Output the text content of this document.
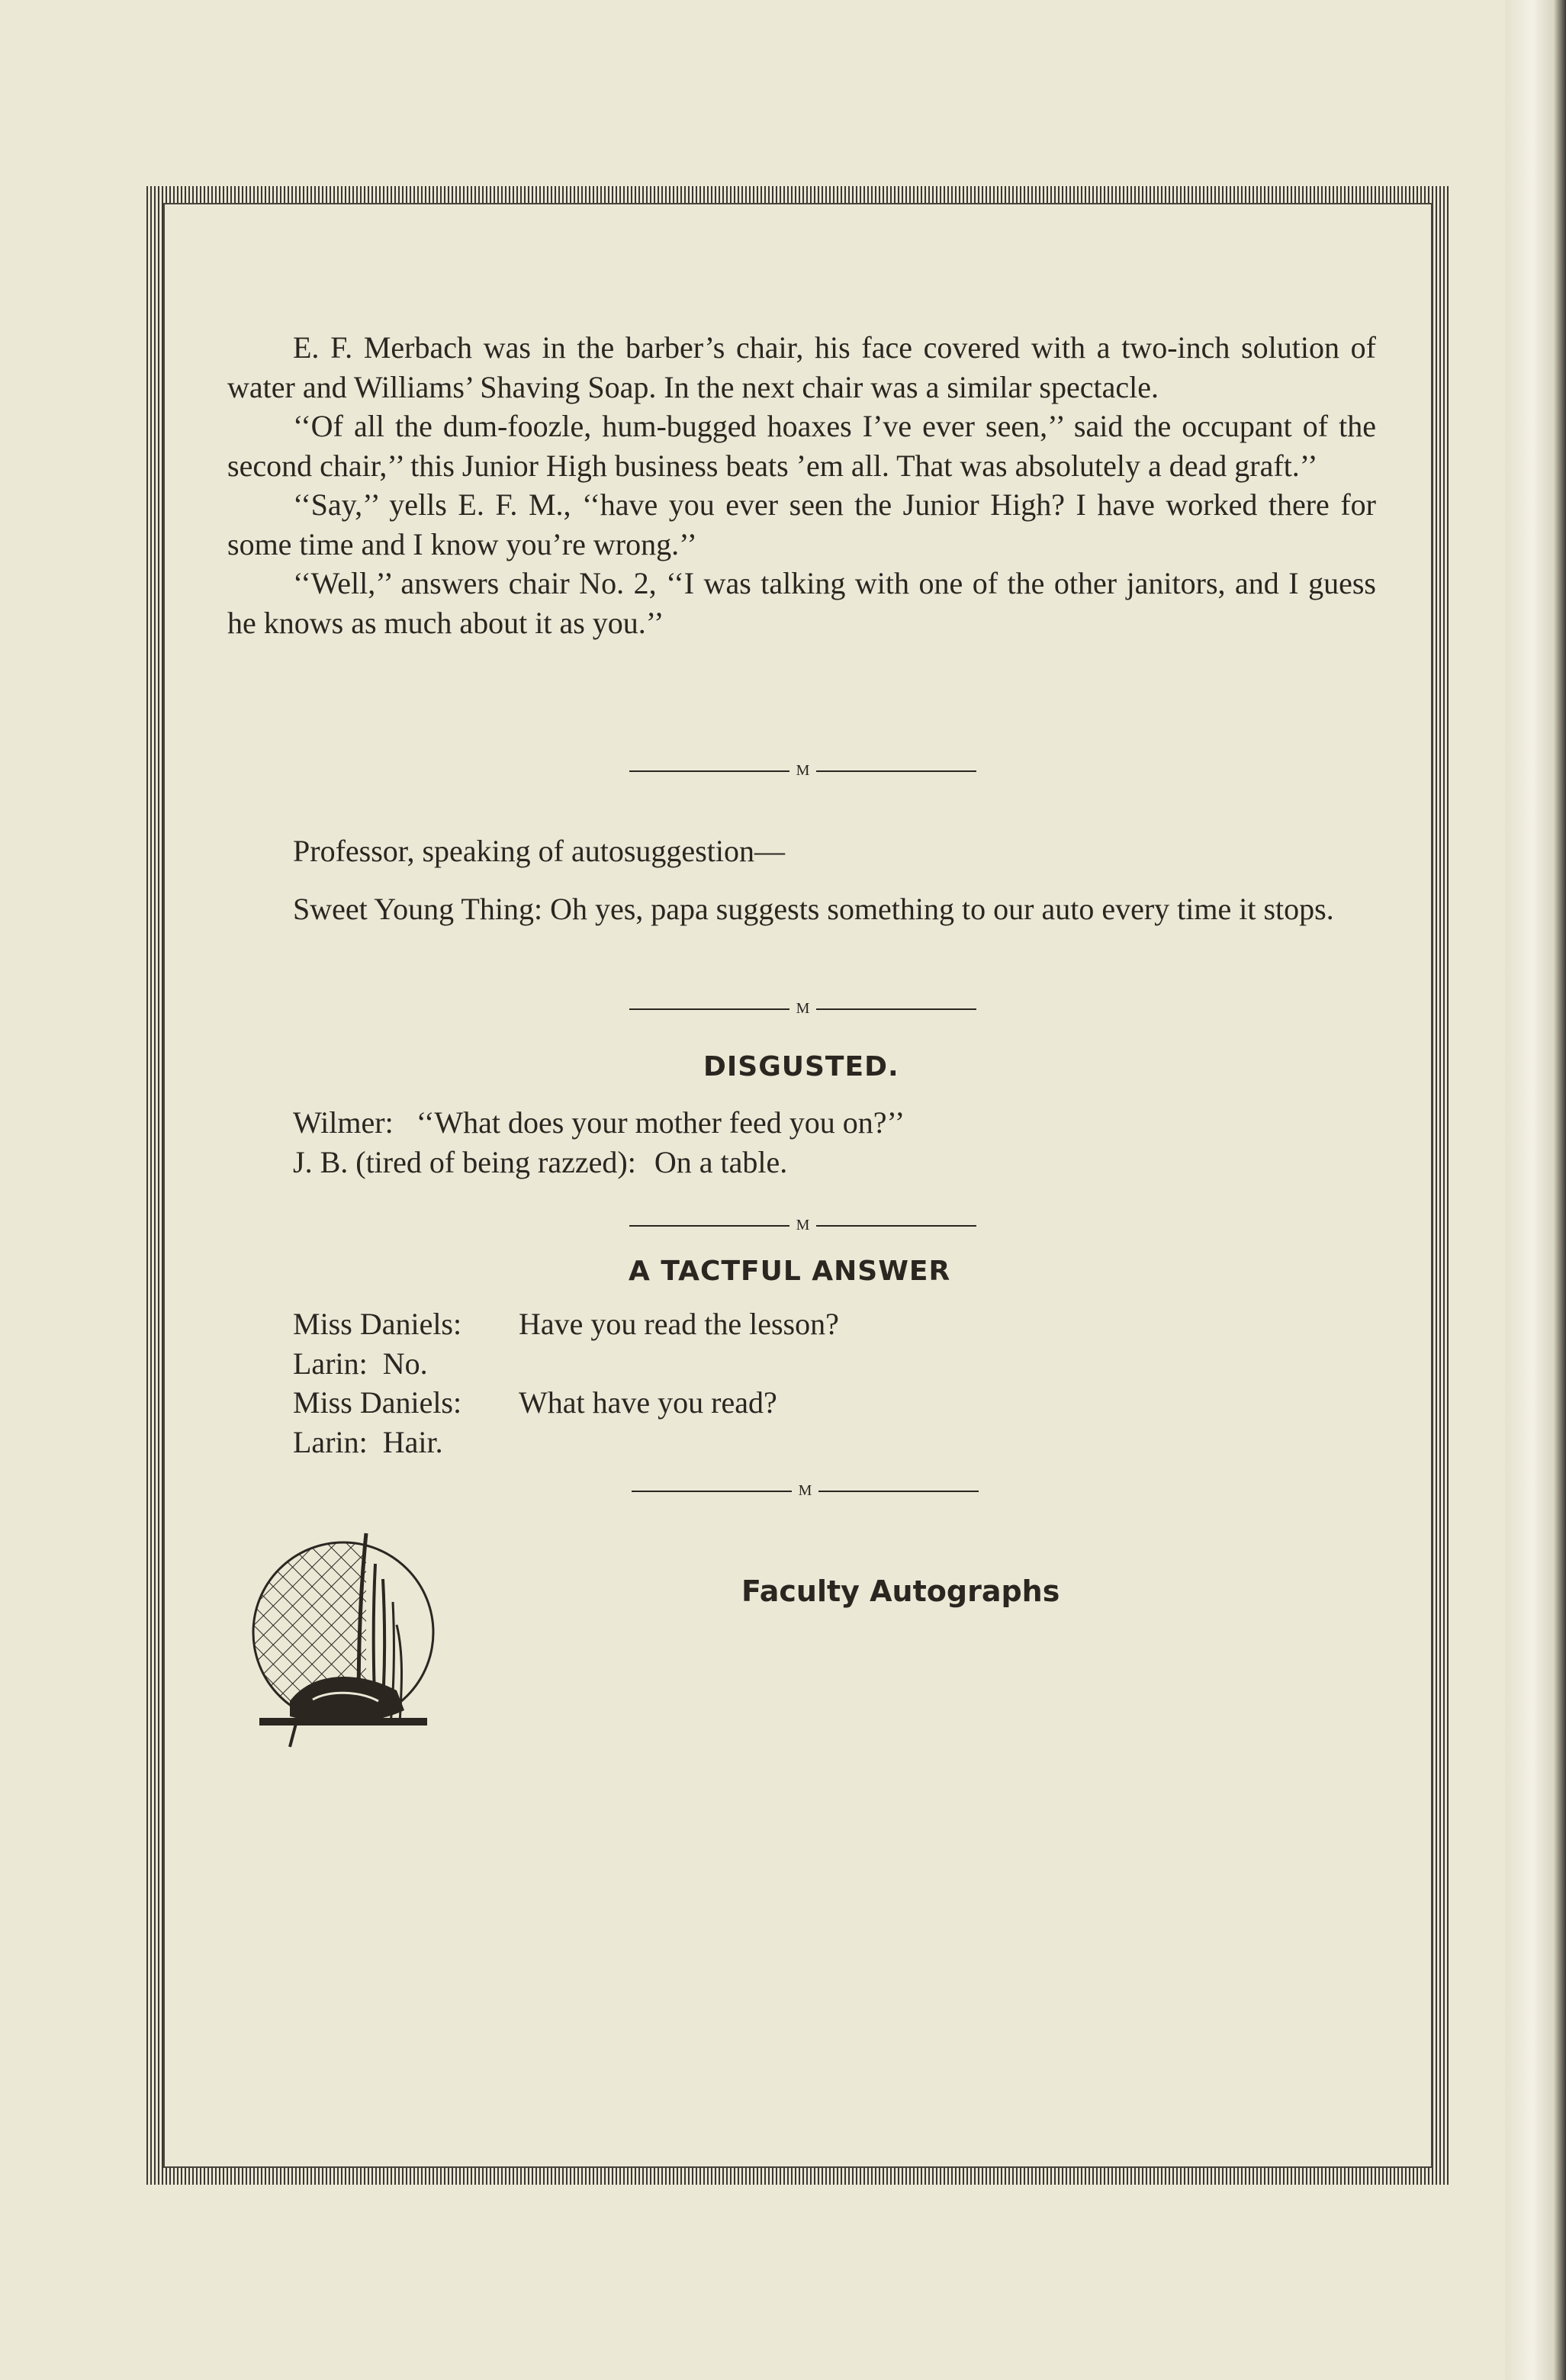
E. F. Merbach was in the barber’s chair, his face covered with a two-inch solution of water and Williams’ Shaving Soap. In the next chair was a similar spectacle.

‘‘Of all the dum-foozle, hum-bugged hoaxes I’ve ever seen,’’ said the occupant of the second chair,’’ this Junior High business beats ’em all. That was absolutely a dead graft.’’

‘‘Say,’’ yells E. F. M., ‘‘have you ever seen the Junior High? I have worked there for some time and I know you’re wrong.’’

‘‘Well,’’ answers chair No. 2, ‘‘I was talking with one of the other janitors, and I guess he knows as much about it as you.’’

M
Professor, speaking of autosuggestion—
Sweet Young Thing: Oh yes, papa suggests something to our auto every time it stops.
M
DISGUSTED.
Wilmer: ‘‘What does your mother feed you on?’’
J. B. (tired of being razzed): On a table.
M
A TACTFUL ANSWER
Miss Daniels:	Have you read the lesson?
Larin: No.
Miss Daniels:	What have you read?
Larin: Hair.
M
Faculty Autographs
